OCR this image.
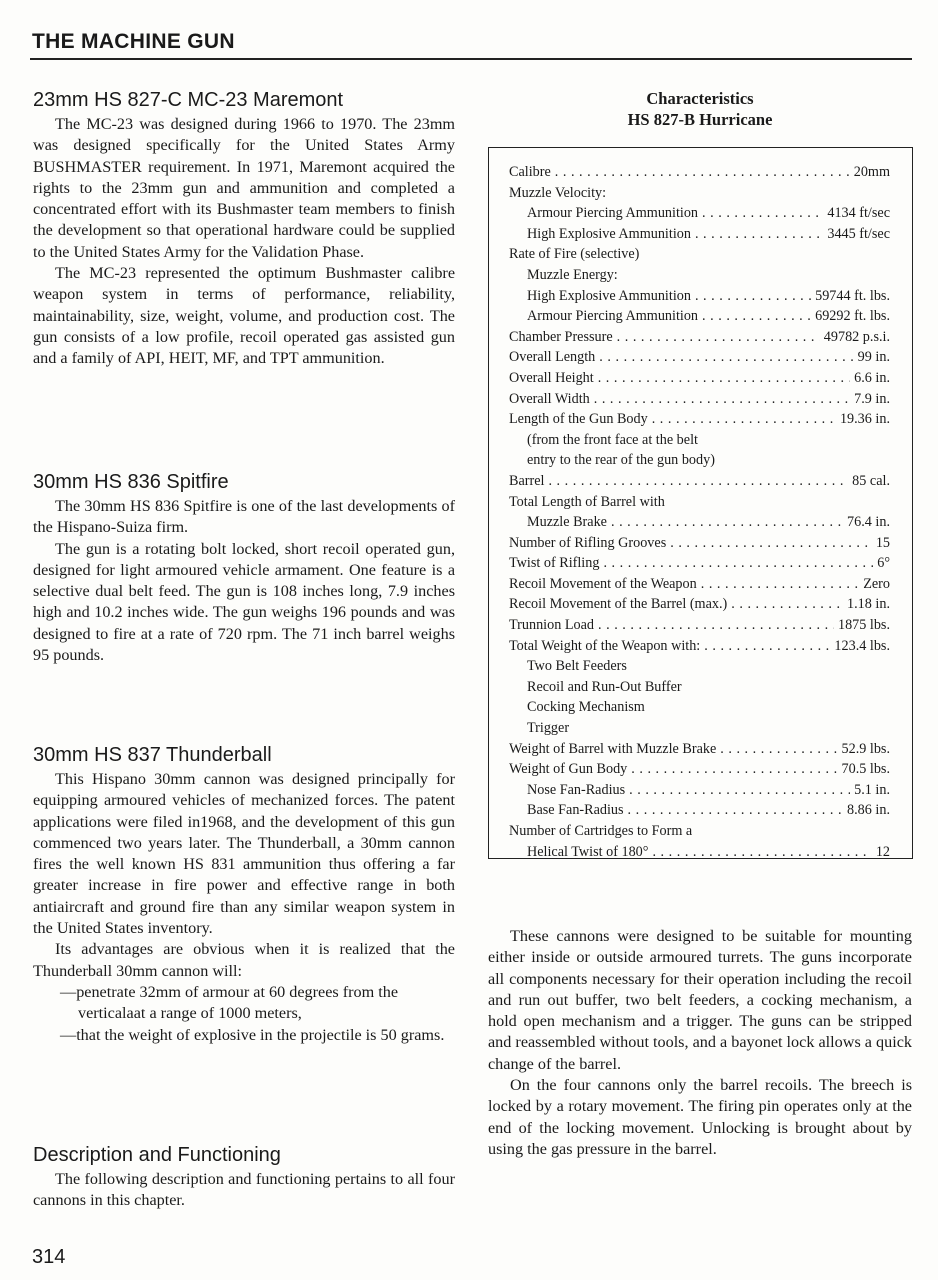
THE MACHINE GUN
23mm HS 827-C MC-23 Maremont

The MC-23 was designed during 1966 to 1970. The 23mm was designed specifically for the United States Army BUSHMASTER requirement. In 1971, Maremont acquired the rights to the 23mm gun and ammunition and completed a concentrated effort with its Bushmaster team members to finish the development so that operational hardware could be supplied to the United States Army for the Validation Phase.

The MC-23 represented the optimum Bushmaster calibre weapon system in terms of performance, reliability, maintainability, size, weight, volume, and production cost. The gun consists of a low profile, recoil operated gas assisted gun and a family of API, HEIT, MF, and TPT ammunition.

30mm HS 836 Spitfire

The 30mm HS 836 Spitfire is one of the last developments of the Hispano-Suiza firm.

The gun is a rotating bolt locked, short recoil operated gun, designed for light armoured vehicle armament. One feature is a selective dual belt feed. The gun is 108 inches long, 7.9 inches high and 10.2 inches wide. The gun weighs 196 pounds and was designed to fire at a rate of 720 rpm. The 71 inch barrel weighs 95 pounds.

30mm HS 837 Thunderball

This Hispano 30mm cannon was designed principally for equipping armoured vehicles of mechanized forces. The patent applications were filed in1968, and the development of this gun commenced two years later. The Thunderball, a 30mm cannon fires the well known HS 831 ammunition thus offering a far greater increase in fire power and effective range in both antiaircraft and ground fire than any similar weapon system in the United States inventory.

Its advantages are obvious when it is realized that the Thunderball 30mm cannon will:

—penetrate 32mm of armour at 60 degrees from the verticalaat a range of 1000 meters,
—that the weight of explosive in the projectile is 50 grams.
Description and Functioning

The following description and functioning pertains to all four cannons in this chapter.

Characteristics
HS 827-B Hurricane
Calibre . . .	20mm
Muzzle Velocity:
Armour Piercing Ammunition . . .	4134 ft/sec
High Explosive Ammunition . . .	3445 ft/sec
Rate of Fire (selective)
Muzzle Energy:
High Explosive Ammunition . . .	59744 ft. lbs.
Armour Piercing Ammunition . . .	69292 ft. lbs.
Chamber Pressure . . .	49782 p.s.i.
Overall Length . . .	99 in.
Overall Height . . .	6.6 in.
Overall Width . . .	7.9 in.
Length of the Gun Body . . .	19.36 in.
(from the front face at the belt
entry to the rear of the gun body)
Barrel . . .	85 cal.
Total Length of Barrel with
Muzzle Brake . . .	76.4 in.
Number of Rifling Grooves . . .	15
Twist of Rifling . . .	6°
Recoil Movement of the Weapon . . .	Zero
Recoil Movement of the Barrel (max.) . . .	1.18 in.
Trunnion Load . . .	1875 lbs.
Total Weight of the Weapon with: . . .	123.4 lbs.
Two Belt Feeders
Recoil and Run-Out Buffer
Cocking Mechanism
Trigger
Weight of Barrel with Muzzle Brake . . .	52.9 lbs.
Weight of Gun Body . . .	70.5 lbs.
Nose Fan-Radius . . .	5.1 in.
Base Fan-Radius . . .	8.86 in.
Number of Cartridges to Form a
Helical Twist of 180° . . .	12

These cannons were designed to be suitable for mounting either inside or outside armoured turrets. The guns incorporate all components necessary for their operation including the recoil and run out buffer, two belt feeders, a cocking mechanism, a hold open mechanism and a trigger. The guns can be stripped and reassembled without tools, and a bayonet lock allows a quick change of the barrel.

On the four cannons only the barrel recoils. The breech is locked by a rotary movement. The firing pin operates only at the end of the locking movement. Unlocking is brought about by using the gas pressure in the barrel.

314
